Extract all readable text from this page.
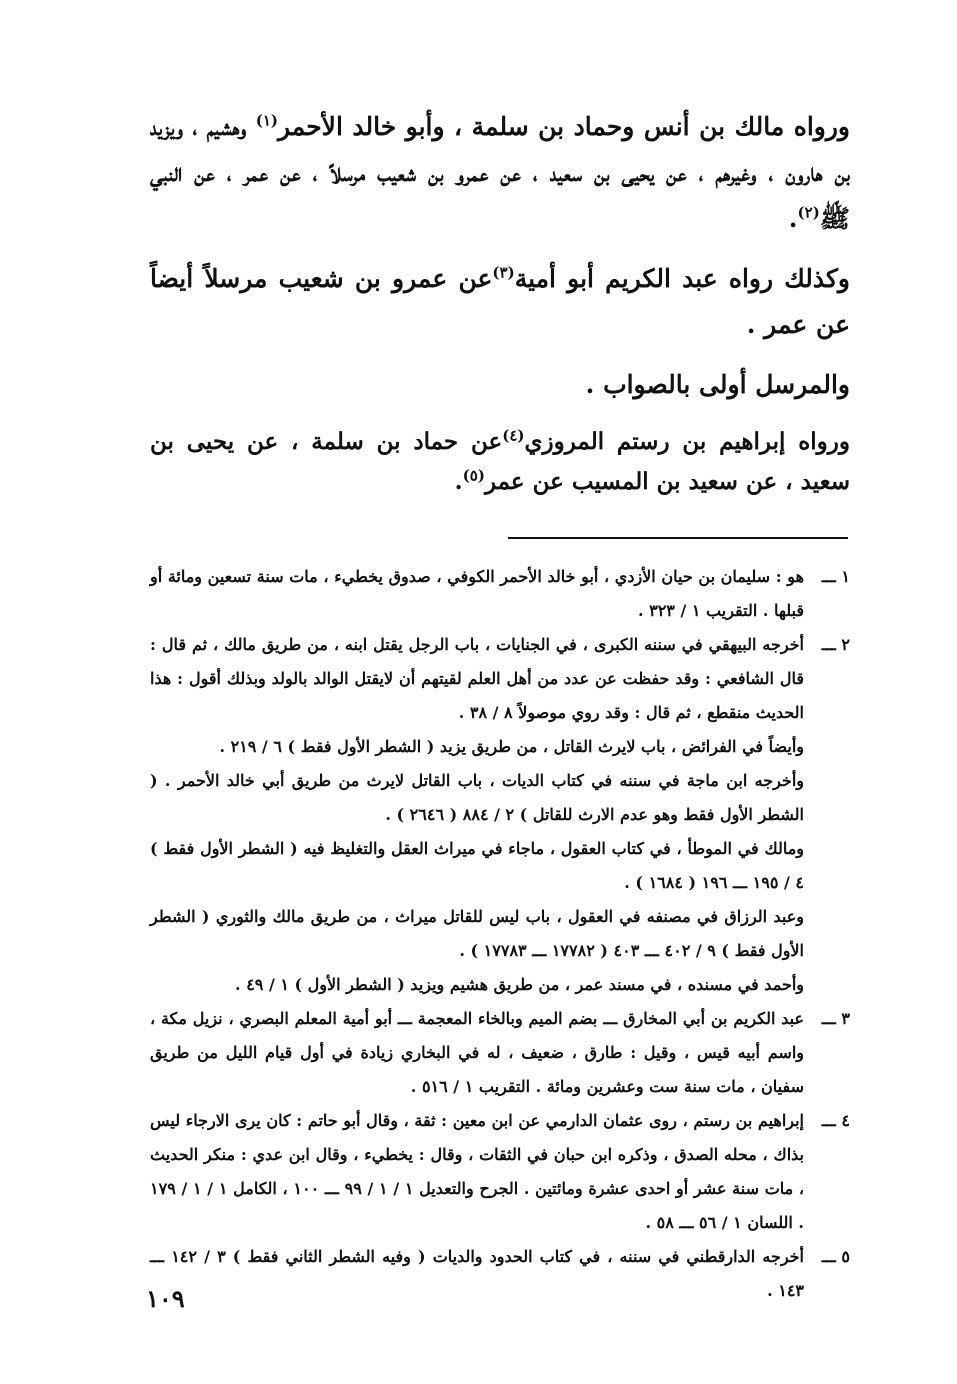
ورواه مالك بن أنس وحماد بن سلمة ، وأبو خالد الأحمر$^{(١)}$ وهشيم ، ويزيد بن هارون ، وغيرهم ، عن يحيى بن سعيد ، عن عمرو بن شعيب مرسلاً ، عن عمر ، عن النبي ﷺ$^{(٢)}$.

وكذلك رواه عبد الكريم أبو أمية$^{(٣)}$عن عمرو بن شعيب مرسلاً أيضاً عن عمر .

والمرسل أولى بالصواب .

ورواه إبراهيم بن رستم المروزي$^{(٤)}$عن حماد بن سلمة ، عن يحيى بن سعيد ، عن سعيد بن المسيب عن عمر$^{(٥)}$.

١ ـــ

هو : سليمان بن حيان الأزدي ، أبو خالد الأحمر الكوفي ، صدوق يخطيء ، مات سنة تسعين ومائة أو قبلها . التقريب ١ / ٣٢٣ .

٢ ـــ

أخرجه البيهقي في سننه الكبرى ، في الجنايات ، باب الرجل يقتل ابنه ، من طريق مالك ، ثم قال : قال الشافعي : وقد حفظت عن عدد من أهل العلم لقيتهم أن لايقتل الوالد بالولد وبذلك أقول : هذا الحديث منقطع ، ثم قال : وقد روي موصولاً ٨ / ٣٨ .

وأيضاً في الفرائض ، باب لايرث القاتل ، من طريق يزيد ( الشطر الأول فقط ) ٦ / ٢١٩ .

وأخرجه ابن ماجة في سننه في كتاب الديات ، باب القاتل لايرث من طريق أبي خالد الأحمر . ( الشطر الأول فقط وهو عدم الارث للقاتل ) ٢ / ٨٨٤ ( ٢٦٤٦ ) .

ومالك في الموطأ ، في كتاب العقول ، ماجاء في ميراث العقل والتغليظ فيه ( الشطر الأول فقط ) ٤ / ١٩٥ ـــ ١٩٦ ( ١٦٨٤ ) .

وعبد الرزاق في مصنفه في العقول ، باب ليس للقاتل ميراث ، من طريق مالك والثوري ( الشطر الأول فقط ) ٩ / ٤٠٢ ـــ ٤٠٣ ( ١٧٧٨٢ ـــ ١٧٧٨٣ ) .

وأحمد في مسنده ، في مسند عمر ، من طريق هشيم ويزيد ( الشطر الأول ) ١ / ٤٩ .

٣ ـــ

عبد الكريم بن أبي المخارق ـــ بضم الميم وبالخاء المعجمة ـــ أبو أمية المعلم البصري ، نزيل مكة ، واسم أبيه قيس ، وقيل : طارق ، ضعيف ، له في البخاري زيادة في أول قيام الليل من طريق سفيان ، مات سنة ست وعشرين ومائة . التقريب ١ / ٥١٦ .

٤ ـــ

إبراهيم بن رستم ، روى عثمان الدارمي عن ابن معين : ثقة ، وقال أبو حاتم : كان يرى الارجاء ليس بذاك ، محله الصدق ، وذكره ابن حبان في الثقات ، وقال : يخطيء ، وقال ابن عدي : منكر الحديث ، مات سنة عشر أو احدى عشرة ومائتين . الجرح والتعديل ١ / ١ / ٩٩ ـــ ١٠٠ ، الكامل ١ / ١ / ١٧٩ . اللسان ١ / ٥٦ ـــ ٥٨ .

٥ ـــ

أخرجه الدارقطني في سننه ، في كتاب الحدود والديات ( وفيه الشطر الثاني فقط ) ٣ / ١٤٢ ـــ ١٤٣ .

١٠٩
